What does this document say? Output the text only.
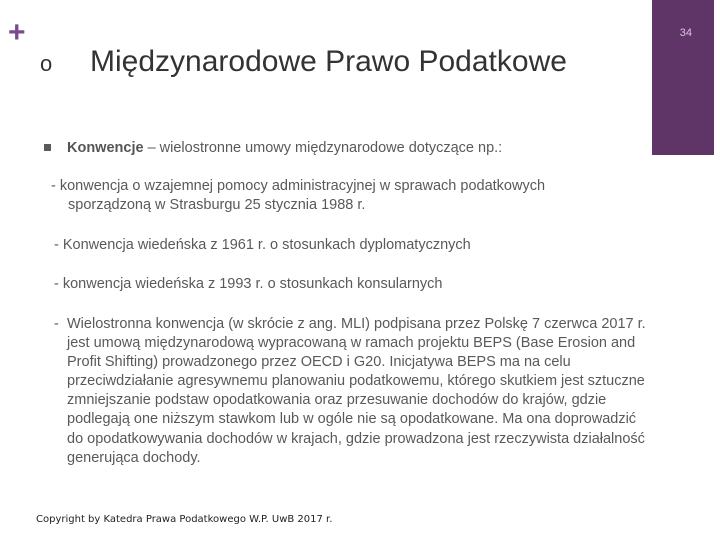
+
o Międzynarodowe Prawo Podatkowe
34
Konwencje – wielostronne umowy międzynarodowe dotyczące np.:
- konwencja o wzajemnej pomocy administracyjnej w sprawach podatkowych
sporządzoną w Strasburgu 25 stycznia 1988 r.
- Konwencja wiedeńska z 1961 r. o stosunkach dyplomatycznych
- konwencja wiedeńska z 1993 r. o stosunkach konsularnych
- Wielostronna konwencja (w skrócie z ang. MLI) podpisana przez Polskę 7 czerwca 2017 r. jest umową międzynarodową wypracowaną w ramach projektu BEPS (Base Erosion and Profit Shifting) prowadzonego przez OECD i G20. Inicjatywa BEPS ma na celu przeciwdziałanie agresywnemu planowaniu podatkowemu, którego skutkiem jest sztuczne zmniejszanie podstaw opodatkowania oraz przesuwanie dochodów do krajów, gdzie podlegają one niższym stawkom lub w ogóle nie są opodatkowane. Ma ona doprowadzić do opodatkowywania dochodów w krajach, gdzie prowadzona jest rzeczywista działalność generująca dochody.
Copyright by Katedra Prawa Podatkowego W.P. UwB 2017 r.
